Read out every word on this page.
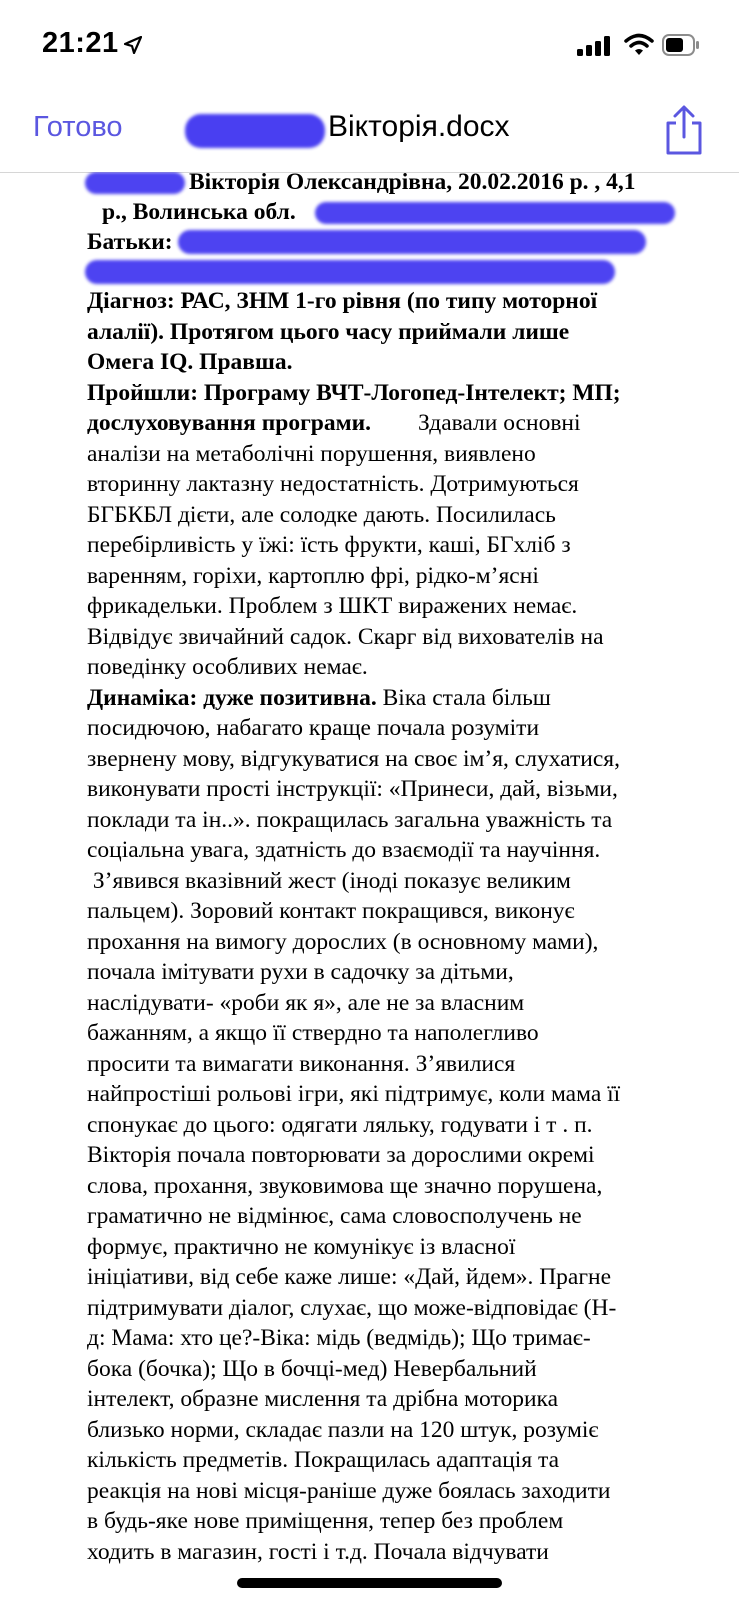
21:21
Готово	Вікторія.docx

Вікторія Олександрівна, 20.02.2016 р. , 4,1

р., Волинська обл.

Батьки:

Діагноз: РАС, ЗНМ 1-го рівня (по типу моторної

алалії). Протягом цього часу приймали лише

Омега IQ. Правша.

Пройшли: Програму ВЧТ-Логопед-Інтелект; МП;

дослуховування програми.        Здавали основні

аналізи на метаболічні порушення, виявлено

вторинну лактазну недостатність. Дотримуються

БГБКБЛ дієти, але солодке дають. Посилилась

перебірливість у їжі: їсть фрукти, каші, БГхліб з

варенням, горіхи, картоплю фрі, рідко-м’ясні

фрикадельки. Проблем з ШКТ виражених немає.

Відвідує звичайний садок. Скарг від вихователів на

поведінку особливих немає.

Динаміка: дуже позитивна. Віка стала більш

посидючою, набагато краще почала розуміти

звернену мову, відгукуватися на своє ім’я, слухатися,

виконувати прості інструкції: «Принеси, дай, візьми,

поклади та ін..». покращилась загальна уважність та

соціальна увага, здатність до взаємодії та научіння.

З’явився вказівний жест (іноді показує великим

пальцем). Зоровий контакт покращився, виконує

прохання на вимогу дорослих (в основному мами),

почала імітувати рухи в садочку за дітьми,

наслідувати- «роби як я», але не за власним

бажанням, а якщо її ствердно та наполегливо

просити та вимагати виконання. З’явилися

найпростіші рольові ігри, які підтримує, коли мама її

спонукає до цього: одягати ляльку, годувати і т . п.

Вікторія почала повторювати за дорослими окремі

слова, прохання, звуковимова ще значно порушена,

граматично не відмінює, сама словосполучень не

формує, практично не комунікує із власної

ініціативи, від себе каже лише: «Дай, йдем». Прагне

підтримувати діалог, слухає, що може-відповідає (Н-

д: Мама: хто це?-Віка: мідь (ведмідь); Що тримає-

бока (бочка); Що в бочці-мед) Невербальний

інтелект, образне мислення та дрібна моторика

близько норми, складає пазли на 120 штук, розуміє

кількість предметів. Покращилась адаптація та

реакція на нові місця-раніше дуже боялась заходити

в будь-яке нове приміщення, тепер без проблем

ходить в магазин, гості і т.д. Почала відчувати
